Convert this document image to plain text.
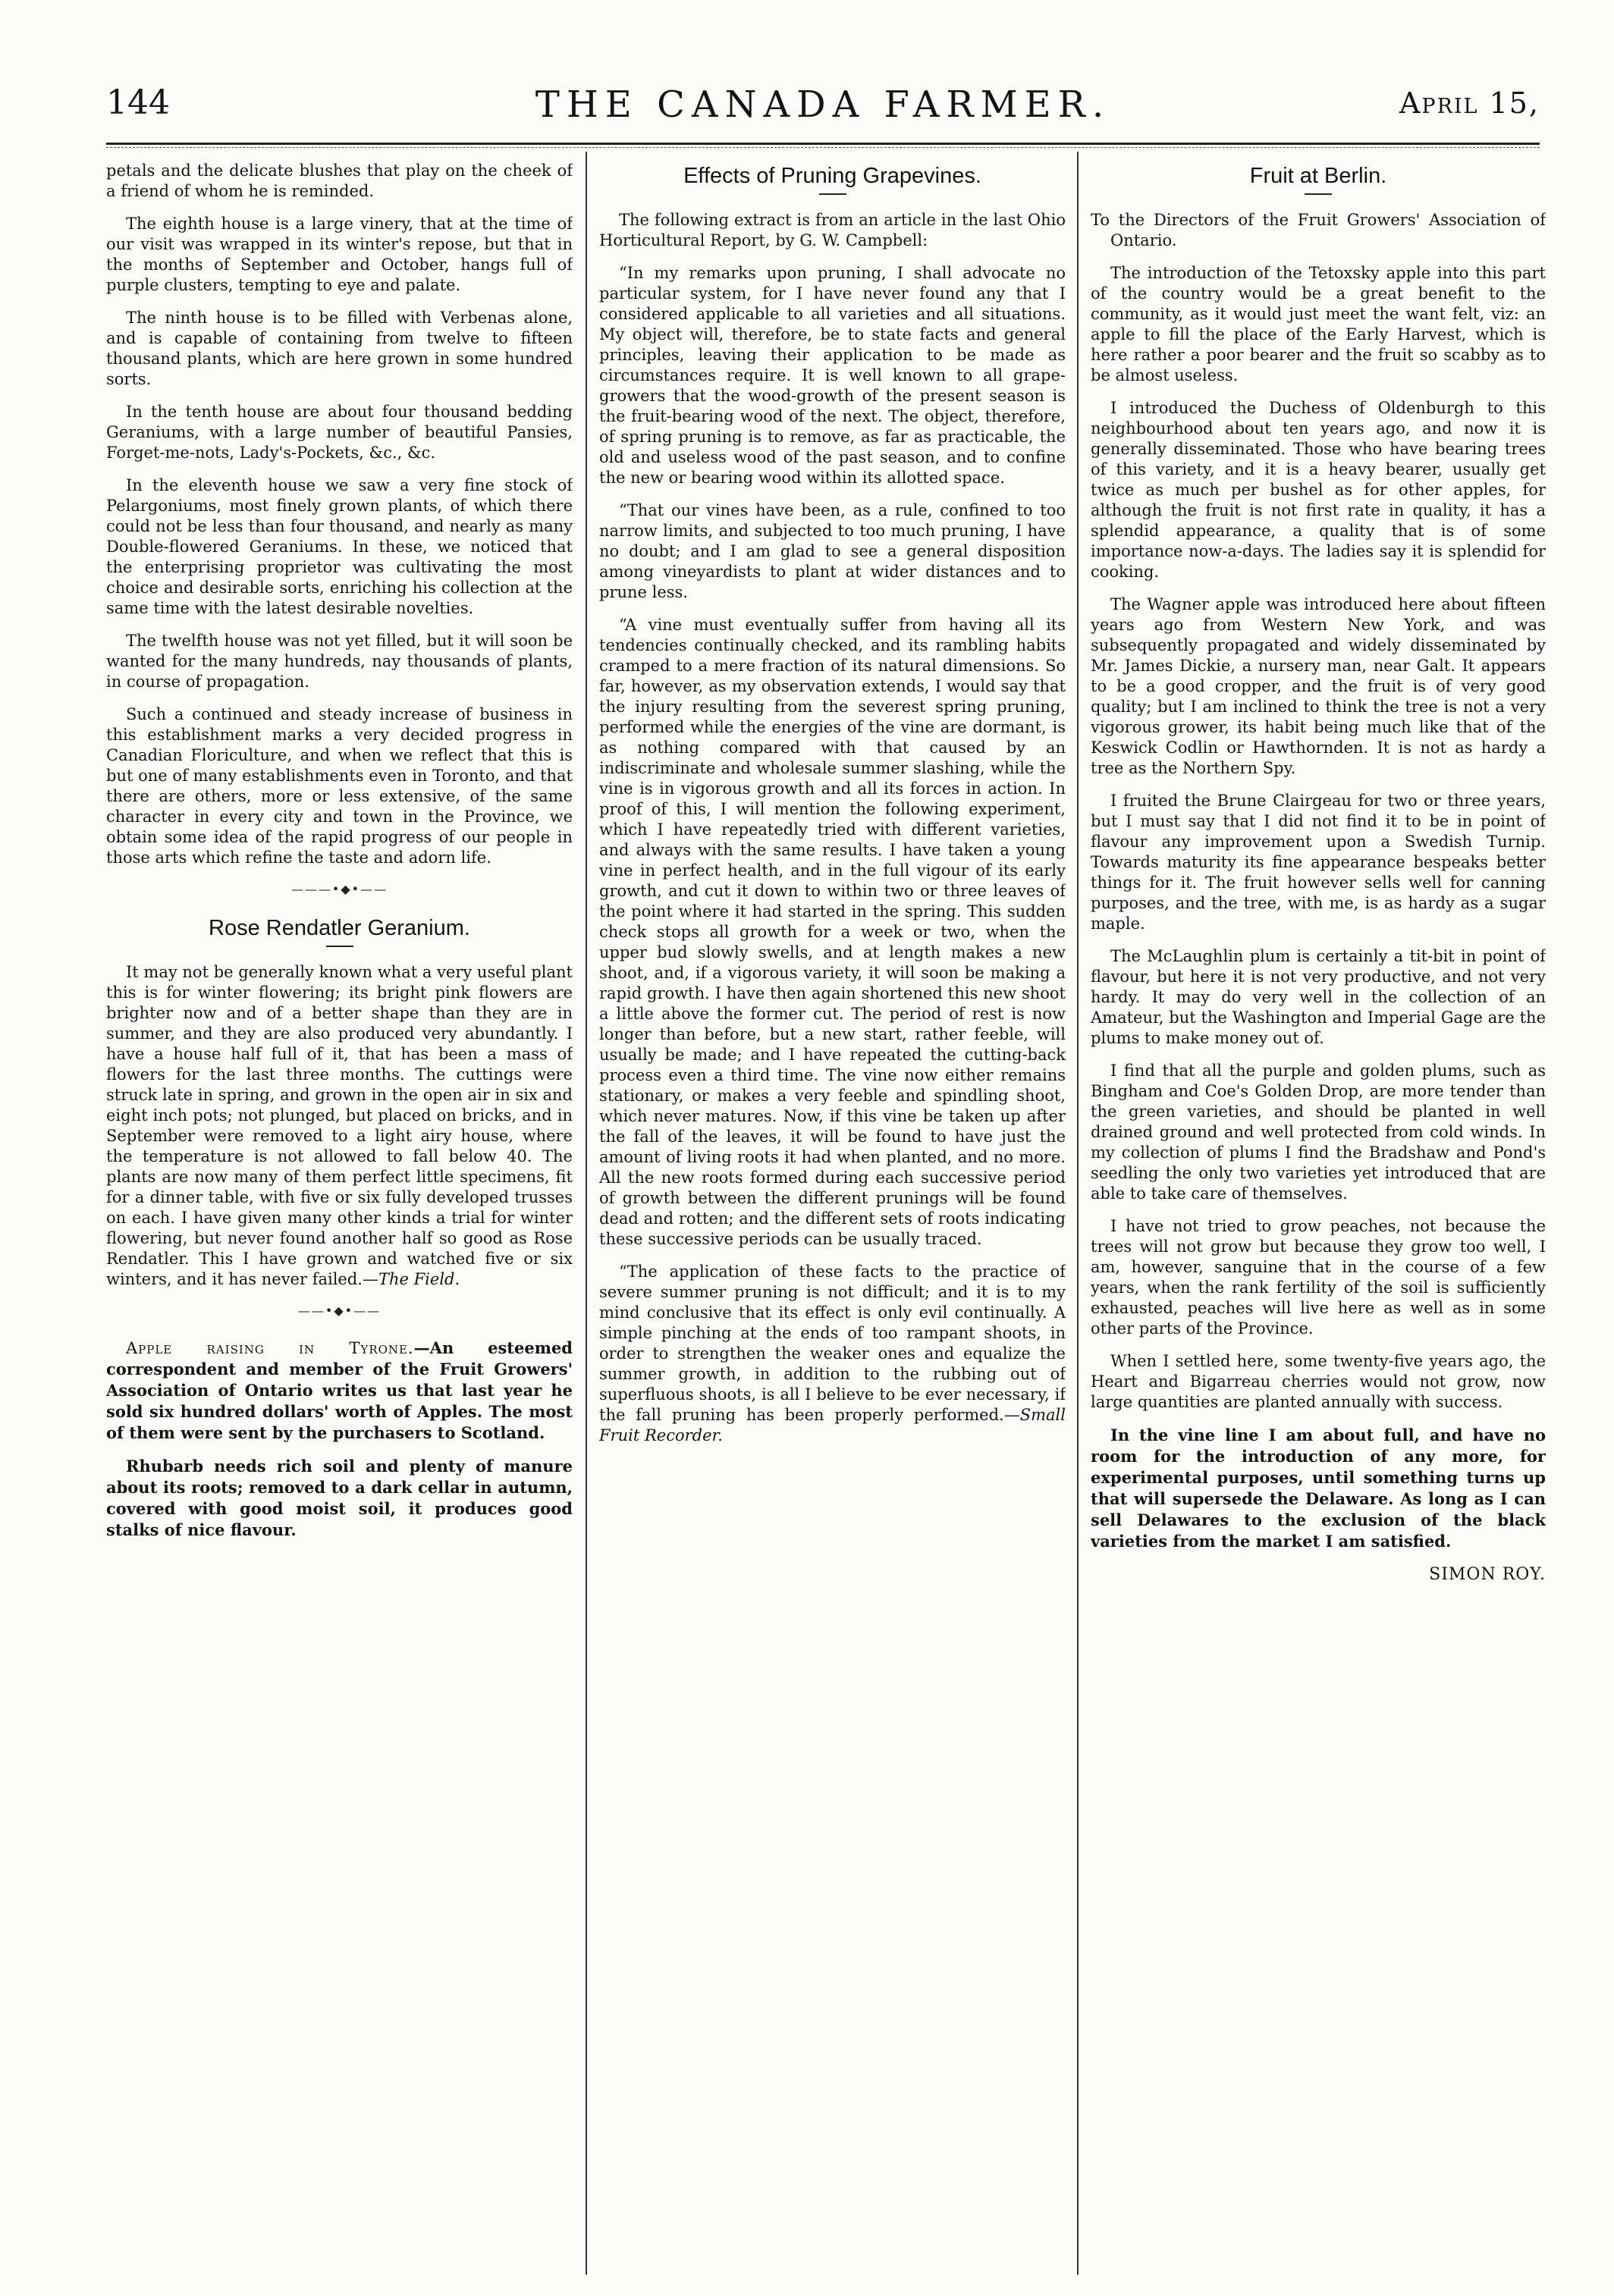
144	THE CANADA FARMER.	April 15,

petals and the delicate blushes that play on the cheek of a friend of whom he is reminded.

The eighth house is a large vinery, that at the time of our visit was wrapped in its winter's repose, but that in the months of September and October, hangs full of purple clusters, tempting to eye and palate.

The ninth house is to be filled with Verbenas alone, and is capable of containing from twelve to fifteen thousand plants, which are here grown in some hundred sorts.

In the tenth house are about four thousand bedding Geraniums, with a large number of beautiful Pansies, Forget-me-nots, Lady's-Pockets, &c., &c.

In the eleventh house we saw a very fine stock of Pelargoniums, most finely grown plants, of which there could not be less than four thousand, and nearly as many Double-flowered Geraniums. In these, we noticed that the enterprising proprietor was cultivating the most choice and desirable sorts, enriching his collection at the same time with the latest desirable novelties.

The twelfth house was not yet filled, but it will soon be wanted for the many hundreds, nay thousands of plants, in course of propagation.

Such a continued and steady increase of business in this establishment marks a very decided progress in Canadian Floriculture, and when we reflect that this is but one of many establishments even in Toronto, and that there are others, more or less extensive, of the same character in every city and town in the Province, we obtain some idea of the rapid progress of our people in those arts which refine the taste and adorn life.

———•◆•——
Rose Rendatler Geranium.

It may not be generally known what a very useful plant this is for winter flowering; its bright pink flowers are brighter now and of a better shape than they are in summer, and they are also produced very abundantly. I have a house half full of it, that has been a mass of flowers for the last three months. The cuttings were struck late in spring, and grown in the open air in six and eight inch pots; not plunged, but placed on bricks, and in September were removed to a light airy house, where the temperature is not allowed to fall below 40. The plants are now many of them perfect little specimens, fit for a dinner table, with five or six fully developed trusses on each. I have given many other kinds a trial for winter flowering, but never found another half so good as Rose Rendatler. This I have grown and watched five or six winters, and it has never failed.—The Field.

——•◆•——

Apple raising in Tyrone.—An esteemed correspondent and member of the Fruit Growers' Association of Ontario writes us that last year he sold six hundred dollars' worth of Apples. The most of them were sent by the purchasers to Scotland.

Rhubarb needs rich soil and plenty of manure about its roots; removed to a dark cellar in autumn, covered with good moist soil, it produces good stalks of nice flavour.

Effects of Pruning Grapevines.

The following extract is from an article in the last Ohio Horticultural Report, by G. W. Campbell:

“In my remarks upon pruning, I shall advocate no particular system, for I have never found any that I considered applicable to all varieties and all situations. My object will, therefore, be to state facts and general principles, leaving their application to be made as circumstances require. It is well known to all grape-growers that the wood-growth of the present season is the fruit-bearing wood of the next. The object, therefore, of spring pruning is to remove, as far as practicable, the old and useless wood of the past season, and to confine the new or bearing wood within its allotted space.

“That our vines have been, as a rule, confined to too narrow limits, and subjected to too much pruning, I have no doubt; and I am glad to see a general disposition among vineyardists to plant at wider distances and to prune less.

“A vine must eventually suffer from having all its tendencies continually checked, and its rambling habits cramped to a mere fraction of its natural dimensions. So far, however, as my observation extends, I would say that the injury resulting from the severest spring pruning, performed while the energies of the vine are dormant, is as nothing compared with that caused by an indiscriminate and wholesale summer slashing, while the vine is in vigorous growth and all its forces in action. In proof of this, I will mention the following experiment, which I have repeatedly tried with different varieties, and always with the same results. I have taken a young vine in perfect health, and in the full vigour of its early growth, and cut it down to within two or three leaves of the point where it had started in the spring. This sudden check stops all growth for a week or two, when the upper bud slowly swells, and at length makes a new shoot, and, if a vigorous variety, it will soon be making a rapid growth. I have then again shortened this new shoot a little above the former cut. The period of rest is now longer than before, but a new start, rather feeble, will usually be made; and I have repeated the cutting-back process even a third time. The vine now either remains stationary, or makes a very feeble and spindling shoot, which never matures. Now, if this vine be taken up after the fall of the leaves, it will be found to have just the amount of living roots it had when planted, and no more. All the new roots formed during each successive period of growth between the different prunings will be found dead and rotten; and the different sets of roots indicating these successive periods can be usually traced.

“The application of these facts to the practice of severe summer pruning is not difficult; and it is to my mind conclusive that its effect is only evil continually. A simple pinching at the ends of too rampant shoots, in order to strengthen the weaker ones and equalize the summer growth, in addition to the rubbing out of superfluous shoots, is all I believe to be ever necessary, if the fall pruning has been properly performed.—Small Fruit Recorder.

Fruit at Berlin.

To the Directors of the Fruit Growers' Association of Ontario.

The introduction of the Tetoxsky apple into this part of the country would be a great benefit to the community, as it would just meet the want felt, viz: an apple to fill the place of the Early Harvest, which is here rather a poor bearer and the fruit so scabby as to be almost useless.

I introduced the Duchess of Oldenburgh to this neighbourhood about ten years ago, and now it is generally disseminated. Those who have bearing trees of this variety, and it is a heavy bearer, usually get twice as much per bushel as for other apples, for although the fruit is not first rate in quality, it has a splendid appearance, a quality that is of some importance now-a-days. The ladies say it is splendid for cooking.

The Wagner apple was introduced here about fifteen years ago from Western New York, and was subsequently propagated and widely disseminated by Mr. James Dickie, a nursery man, near Galt. It appears to be a good cropper, and the fruit is of very good quality; but I am inclined to think the tree is not a very vigorous grower, its habit being much like that of the Keswick Codlin or Hawthornden. It is not as hardy a tree as the Northern Spy.

I fruited the Brune Clairgeau for two or three years, but I must say that I did not find it to be in point of flavour any improvement upon a Swedish Turnip. Towards maturity its fine appearance bespeaks better things for it. The fruit however sells well for canning purposes, and the tree, with me, is as hardy as a sugar maple.

The McLaughlin plum is certainly a tit-bit in point of flavour, but here it is not very productive, and not very hardy. It may do very well in the collection of an Amateur, but the Washington and Imperial Gage are the plums to make money out of.

I find that all the purple and golden plums, such as Bingham and Coe's Golden Drop, are more tender than the green varieties, and should be planted in well drained ground and well protected from cold winds. In my collection of plums I find the Bradshaw and Pond's seedling the only two varieties yet introduced that are able to take care of themselves.

I have not tried to grow peaches, not because the trees will not grow but because they grow too well, I am, however, sanguine that in the course of a few years, when the rank fertility of the soil is sufficiently exhausted, peaches will live here as well as in some other parts of the Province.

When I settled here, some twenty-five years ago, the Heart and Bigarreau cherries would not grow, now large quantities are planted annually with success.

In the vine line I am about full, and have no room for the introduction of any more, for experimental purposes, until something turns up that will supersede the Delaware. As long as I can sell Delawares to the exclusion of the black varieties from the market I am satisfied.

SIMON ROY.
